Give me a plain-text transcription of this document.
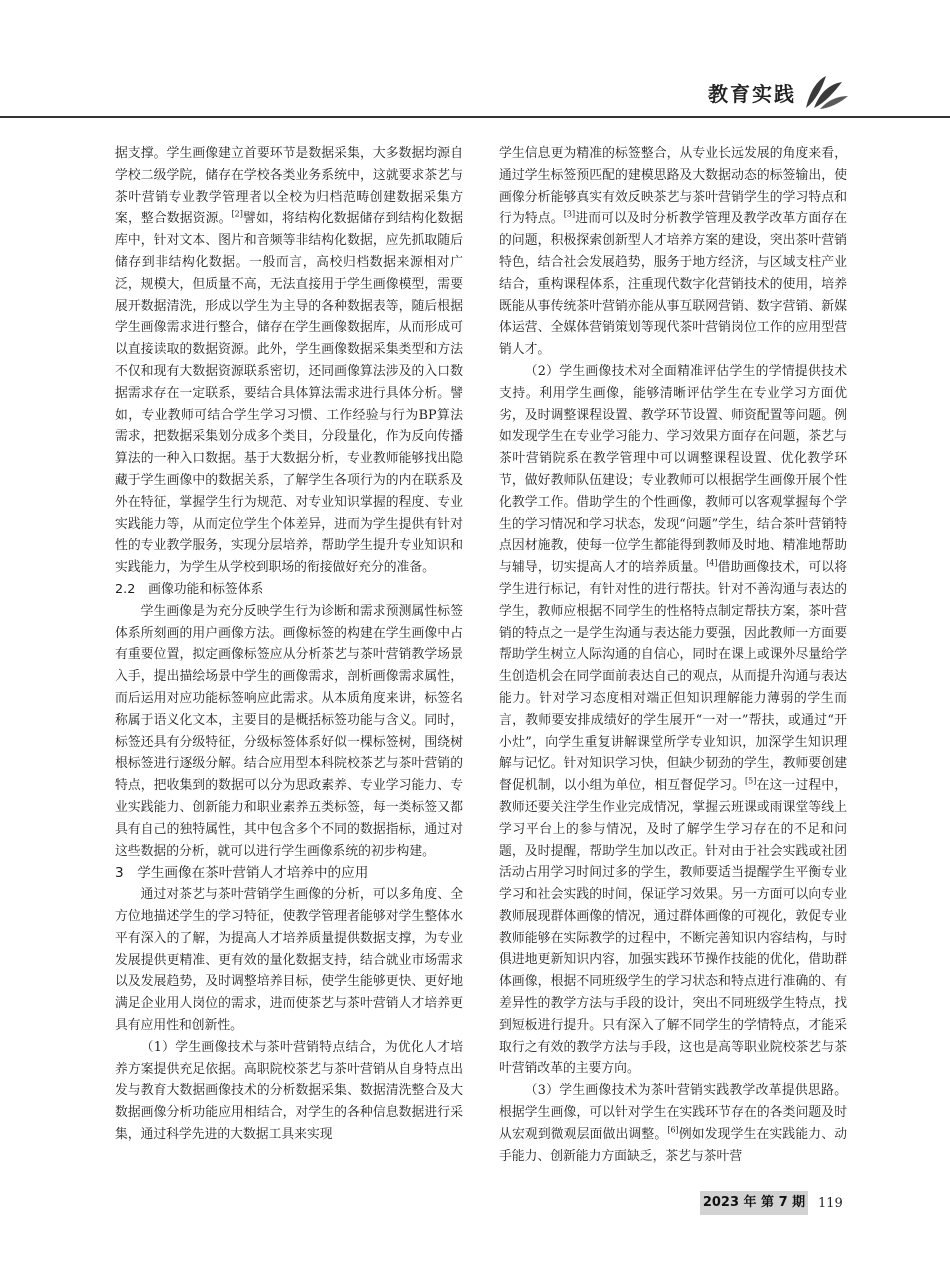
教育实践

据支撑。学生画像建立首要环节是数据采集，大多数据均源自学校二级学院，储存在学校各类业务系统中，这就要求茶艺与茶叶营销专业教学管理者以全校为归档范畴创建数据采集方案，整合数据资源。[2]譬如，将结构化数据储存到结构化数据库中，针对文本、图片和音频等非结构化数据，应先抓取随后储存到非结构化数据。一般而言，高校归档数据来源相对广泛，规模大，但质量不高，无法直接用于学生画像模型，需要展开数据清洗，形成以学生为主导的各种数据表等，随后根据学生画像需求进行整合，储存在学生画像数据库，从而形成可以直接读取的数据资源。此外，学生画像数据采集类型和方法不仅和现有大数据资源联系密切，还同画像算法涉及的入口数据需求存在一定联系，要结合具体算法需求进行具体分析。譬如，专业教师可结合学生学习习惯、工作经验与行为BP算法需求，把数据采集划分成多个类目，分段量化，作为反向传播算法的一种入口数据。基于大数据分析，专业教师能够找出隐藏于学生画像中的数据关系，了解学生各项行为的内在联系及外在特征，掌握学生行为规范、对专业知识掌握的程度、专业实践能力等，从而定位学生个体差异，进而为学生提供有针对性的专业教学服务，实现分层培养，帮助学生提升专业知识和实践能力，为学生从学校到职场的衔接做好充分的准备。

2.2　画像功能和标签体系

学生画像是为充分反映学生行为诊断和需求预测属性标签体系所刻画的用户画像方法。画像标签的构建在学生画像中占有重要位置，拟定画像标签应从分析茶艺与茶叶营销教学场景入手，提出描绘场景中学生的画像需求，剖析画像需求属性，而后运用对应功能标签响应此需求。从本质角度来讲，标签名称属于语义化文本，主要目的是概括标签功能与含义。同时，标签还具有分级特征，分级标签体系好似一棵标签树，围绕树根标签进行逐级分解。结合应用型本科院校茶艺与茶叶营销的特点，把收集到的数据可以分为思政素养、专业学习能力、专业实践能力、创新能力和职业素养五类标签，每一类标签又都具有自己的独特属性，其中包含多个不同的数据指标，通过对这些数据的分析，就可以进行学生画像系统的初步构建。

3　学生画像在茶叶营销人才培养中的应用

通过对茶艺与茶叶营销学生画像的分析，可以多角度、全方位地描述学生的学习特征，使教学管理者能够对学生整体水平有深入的了解，为提高人才培养质量提供数据支撑，为专业发展提供更精准、更有效的量化数据支持，结合就业市场需求以及发展趋势，及时调整培养目标，使学生能够更快、更好地满足企业用人岗位的需求，进而使茶艺与茶叶营销人才培养更具有应用性和创新性。

（1）学生画像技术与茶叶营销特点结合，为优化人才培养方案提供充足依据。高职院校茶艺与茶叶营销从自身特点出发与教育大数据画像技术的分析数据采集、数据清洗整合及大数据画像分析功能应用相结合，对学生的各种信息数据进行采集，通过科学先进的大数据工具来实现

学生信息更为精准的标签整合，从专业长远发展的角度来看，通过学生标签预匹配的建模思路及大数据动态的标签输出，使画像分析能够真实有效反映茶艺与茶叶营销学生的学习特点和行为特点。[3]进而可以及时分析教学管理及教学改革方面存在的问题，积极探索创新型人才培养方案的建设，突出茶叶营销特色，结合社会发展趋势，服务于地方经济，与区域支柱产业结合，重构课程体系，注重现代数字化营销技术的使用，培养既能从事传统茶叶营销亦能从事互联网营销、数字营销、新媒体运营、全媒体营销策划等现代茶叶营销岗位工作的应用型营销人才。

（2）学生画像技术对全面精准评估学生的学情提供技术支持。利用学生画像，能够清晰评估学生在专业学习方面优劣，及时调整课程设置、教学环节设置、师资配置等问题。例如发现学生在专业学习能力、学习效果方面存在问题，茶艺与茶叶营销院系在教学管理中可以调整课程设置、优化教学环节，做好教师队伍建设；专业教师可以根据学生画像开展个性化教学工作。借助学生的个性画像，教师可以客观掌握每个学生的学习情况和学习状态，发现“问题”学生，结合茶叶营销特点因材施教，使每一位学生都能得到教师及时地、精准地帮助与辅导，切实提高人才的培养质量。[4]借助画像技术，可以将学生进行标记，有针对性的进行帮扶。针对不善沟通与表达的学生，教师应根据不同学生的性格特点制定帮扶方案，茶叶营销的特点之一是学生沟通与表达能力要强，因此教师一方面要帮助学生树立人际沟通的自信心，同时在课上或课外尽量给学生创造机会在同学面前表达自己的观点，从而提升沟通与表达能力。针对学习态度相对端正但知识理解能力薄弱的学生而言，教师要安排成绩好的学生展开“一对一”帮扶，或通过“开小灶”，向学生重复讲解课堂所学专业知识，加深学生知识理解与记忆。针对知识学习快，但缺少韧劲的学生，教师要创建督促机制，以小组为单位，相互督促学习。[5]在这一过程中，教师还要关注学生作业完成情况，掌握云班课或雨课堂等线上学习平台上的参与情况，及时了解学生学习存在的不足和问题，及时提醒，帮助学生加以改正。针对由于社会实践或社团活动占用学习时间过多的学生，教师要适当提醒学生平衡专业学习和社会实践的时间，保证学习效果。另一方面可以向专业教师展现群体画像的情况，通过群体画像的可视化，敦促专业教师能够在实际教学的过程中，不断完善知识内容结构，与时俱进地更新知识内容，加强实践环节操作技能的优化，借助群体画像，根据不同班级学生的学习状态和特点进行准确的、有差异性的教学方法与手段的设计，突出不同班级学生特点，找到短板进行提升。只有深入了解不同学生的学情特点，才能采取行之有效的教学方法与手段，这也是高等职业院校茶艺与茶叶营销改革的主要方向。

（3）学生画像技术为茶叶营销实践教学改革提供思路。根据学生画像，可以针对学生在实践环节存在的各类问题及时从宏观到微观层面做出调整。[6]例如发现学生在实践能力、动手能力、创新能力方面缺乏，茶艺与茶叶营

2023 年 第 7 期 119
